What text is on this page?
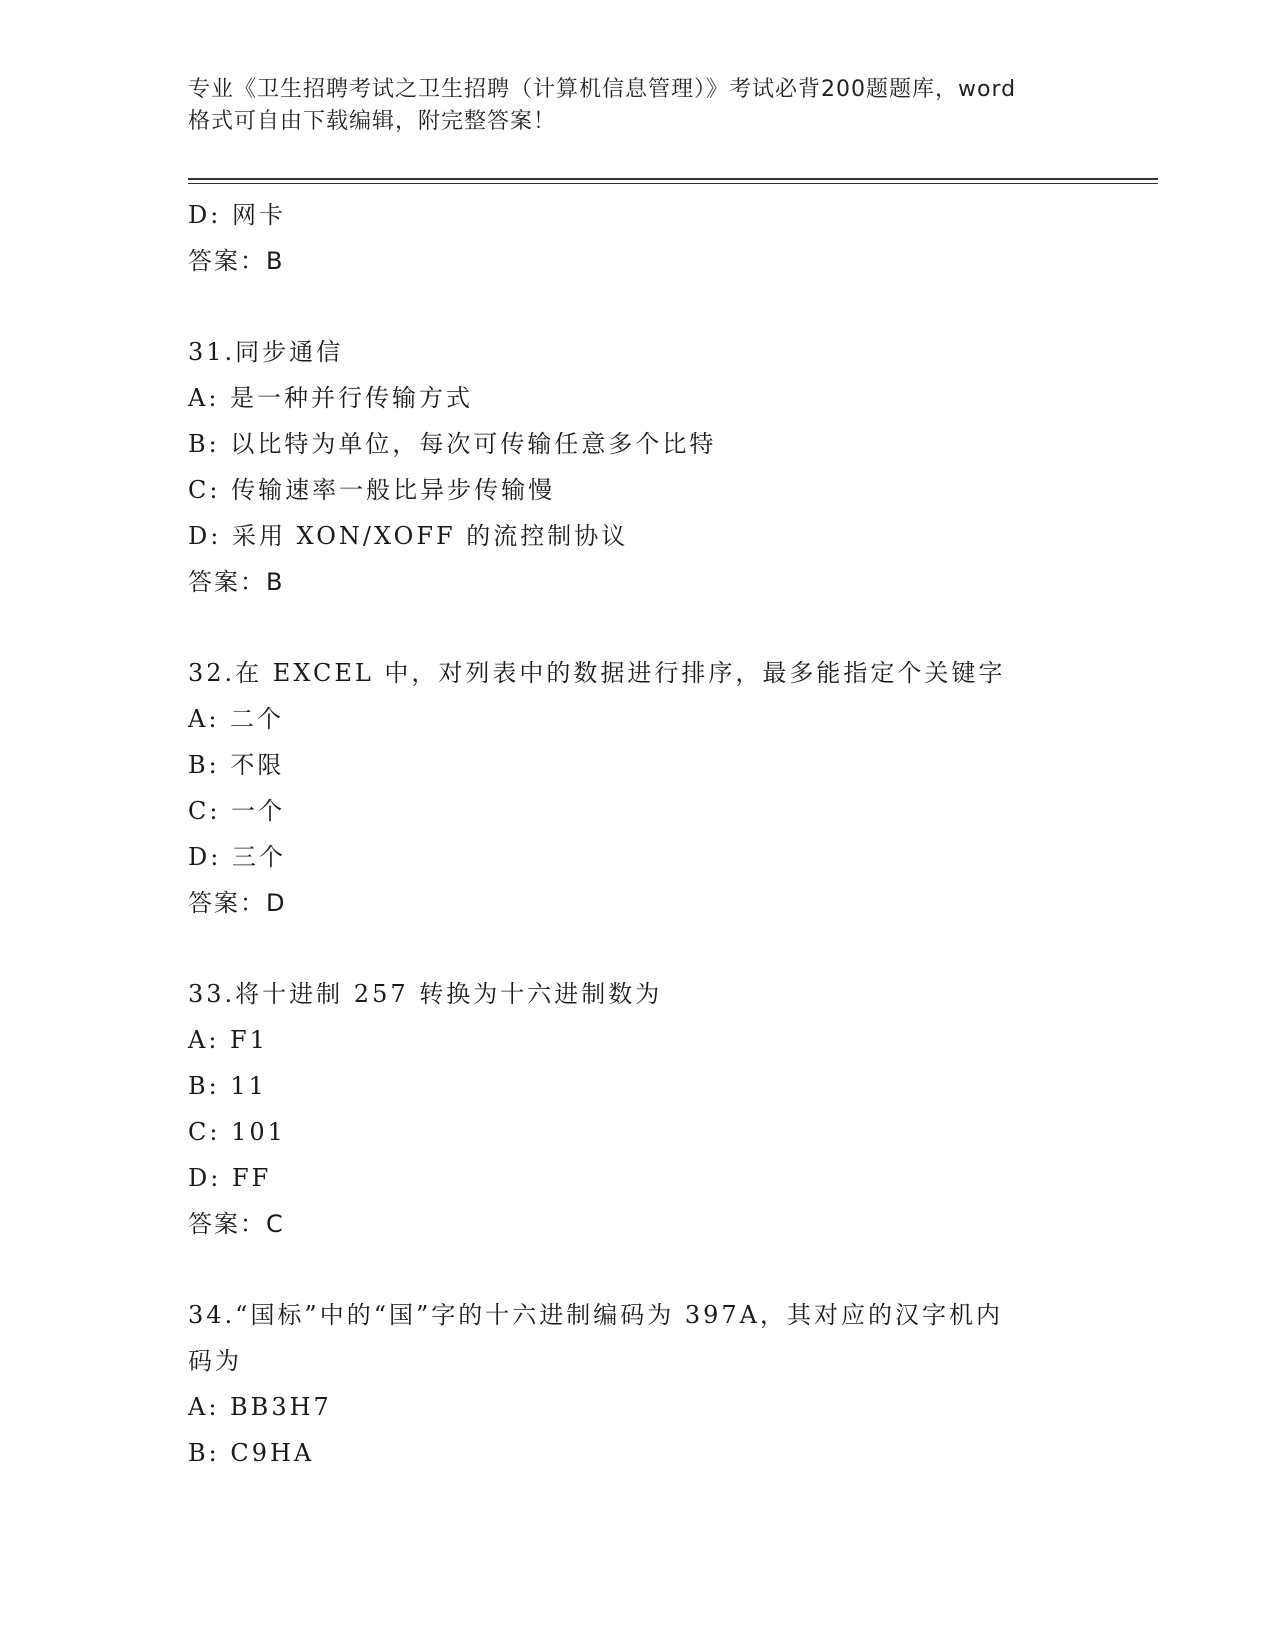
专业《卫生招聘考试之卫生招聘（计算机信息管理）》考试必背200题题库，word
格式可自由下载编辑，附完整答案！
D: 网卡
答案：B
31.同步通信
A: 是一种并行传输方式
B: 以比特为单位，每次可传输任意多个比特
C: 传输速率一般比异步传输慢
D: 采用 XON/XOFF 的流控制协议
答案：B
32.在 EXCEL 中，对列表中的数据进行排序，最多能指定个关键字
A: 二个
B: 不限
C: 一个
D: 三个
答案：D
33.将十进制 257 转换为十六进制数为
A: F1
B: 11
C: 101
D: FF
答案：C
34.“国标”中的“国”字的十六进制编码为 397A，其对应的汉字机内
码为
A: BB3H7
B: C9HA
